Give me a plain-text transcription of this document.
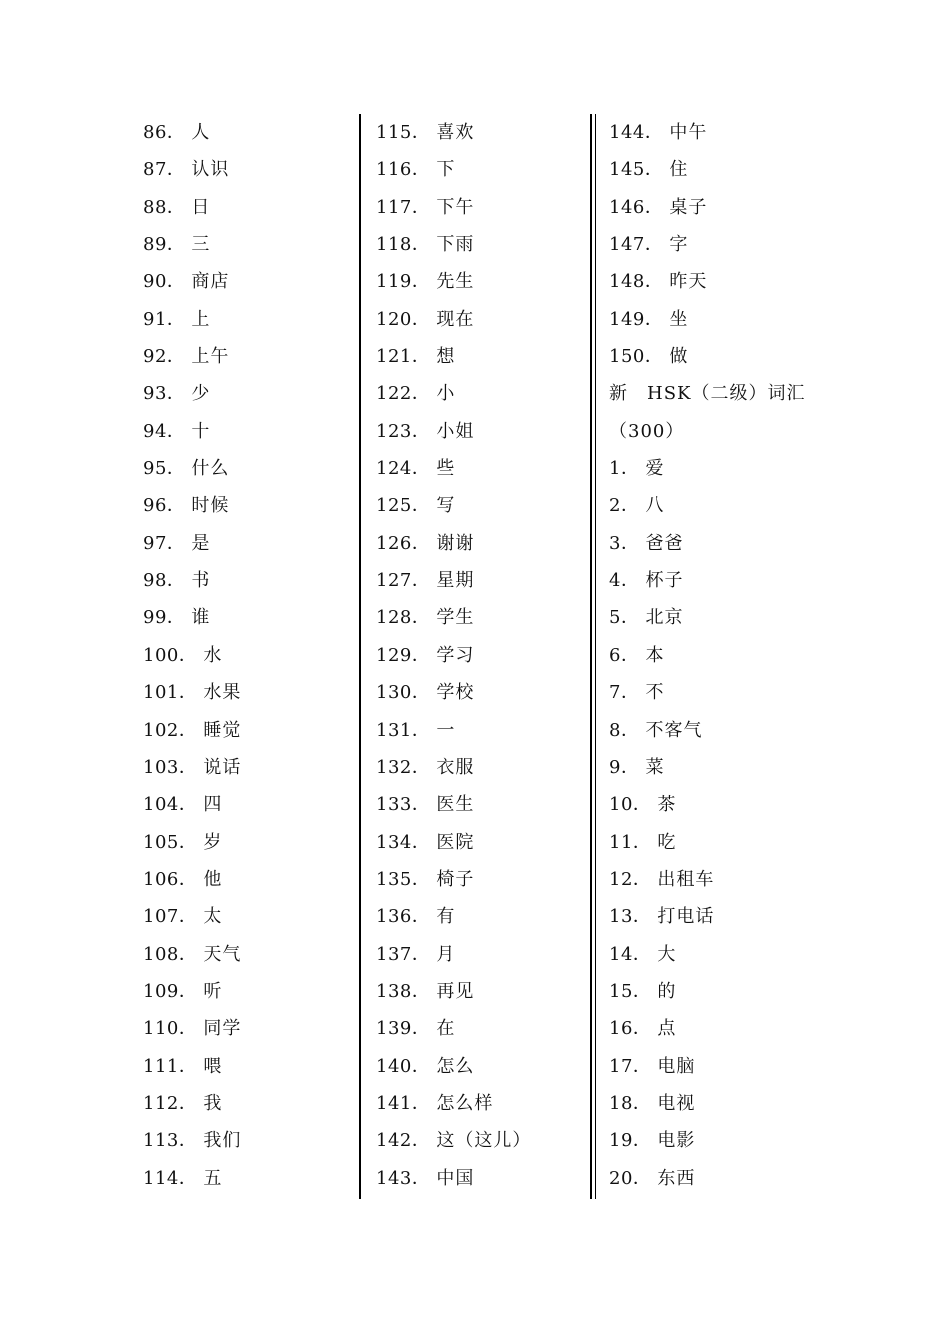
86． 人
87． 认识
88． 日
89． 三
90． 商店
91． 上
92． 上午
93． 少
94． 十
95． 什么
96． 时候
97． 是
98． 书
99． 谁
100． 水
101． 水果
102． 睡觉
103． 说话
104． 四
105． 岁
106． 他
107． 太
108． 天气
109． 听
110． 同学
111． 喂
112． 我
113． 我们
114． 五
115． 喜欢
116． 下
117． 下午
118． 下雨
119． 先生
120． 现在
121． 想
122． 小
123． 小姐
124． 些
125． 写
126． 谢谢
127． 星期
128． 学生
129． 学习
130． 学校
131． 一
132． 衣服
133． 医生
134． 医院
135． 椅子
136． 有
137． 月
138． 再见
139． 在
140． 怎么
141． 怎么样
142． 这（这儿）
143． 中国
144． 中午
145． 住
146． 桌子
147． 字
148． 昨天
149． 坐
150． 做
新　HSK（二级）词汇
（300）
1． 爱
2． 八
3． 爸爸
4． 杯子
5． 北京
6． 本
7． 不
8． 不客气
9． 菜
10． 茶
11． 吃
12． 出租车
13． 打电话
14． 大
15． 的
16． 点
17． 电脑
18． 电视
19． 电影
20． 东西
